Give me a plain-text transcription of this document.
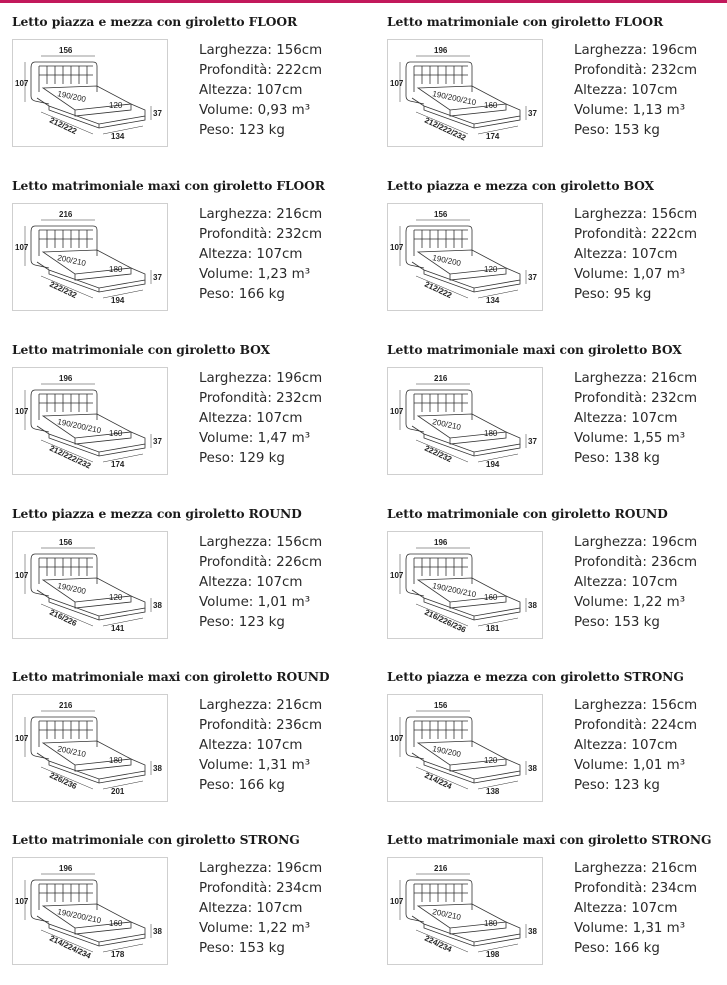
Letto piazza e mezza con giroletto FLOOR
156
107
190/200
120
37
212/222
134
Larghezza: 156cm
Profondità: 222cm
Altezza: 107cm
Volume: 0,93 m³
Peso: 123 kg
Letto matrimoniale con giroletto FLOOR
196
107
190/200/210 160
37
212/222/232 174
Larghezza: 196cm
Profondità: 232cm
Altezza: 107cm
Volume: 1,13 m³
Peso: 153 kg
Letto matrimoniale maxi con giroletto FLOOR
216
107
200/210
180
37
222/232
194
Larghezza: 216cm
Profondità: 232cm
Altezza: 107cm
Volume: 1,23 m³
Peso: 166 kg
Letto piazza e mezza con giroletto BOX
156
107
190/200
120
37
212/222
134
Larghezza: 156cm
Profondità: 222cm
Altezza: 107cm
Volume: 1,07 m³
Peso: 95 kg
Letto matrimoniale con giroletto BOX
196
107
190/200/210 160
37
212/222/232 174
Larghezza: 196cm
Profondità: 232cm
Altezza: 107cm
Volume: 1,47 m³
Peso: 129 kg
Letto matrimoniale maxi con giroletto BOX
216
107
200/210
180
37
222/232
194
Larghezza: 216cm
Profondità: 232cm
Altezza: 107cm
Volume: 1,55 m³
Peso: 138 kg
Letto piazza e mezza con giroletto ROUND
156
107
190/200
120
38
216/226
141
Larghezza: 156cm
Profondità: 226cm
Altezza: 107cm
Volume: 1,01 m³
Peso: 123 kg
Letto matrimoniale con giroletto ROUND
196
107
190/200/210 160
38
216/226/236 181
Larghezza: 196cm
Profondità: 236cm
Altezza: 107cm
Volume: 1,22 m³
Peso: 153 kg
Letto matrimoniale maxi con giroletto ROUND
216
107
200/210
180
38
226/236
201
Larghezza: 216cm
Profondità: 236cm
Altezza: 107cm
Volume: 1,31 m³
Peso: 166 kg
Letto piazza e mezza con giroletto STRONG
156
107
190/200
120
38
214/224
138
Larghezza: 156cm
Profondità: 224cm
Altezza: 107cm
Volume: 1,01 m³
Peso: 123 kg
Letto matrimoniale con giroletto STRONG
196
107
190/200/210 160
38
214/224/234 178
Larghezza: 196cm
Profondità: 234cm
Altezza: 107cm
Volume: 1,22 m³
Peso: 153 kg
Letto matrimoniale maxi con giroletto STRONG
216
107
200/210
180
38
224/234
198
Larghezza: 216cm
Profondità: 234cm
Altezza: 107cm
Volume: 1,31 m³
Peso: 166 kg
